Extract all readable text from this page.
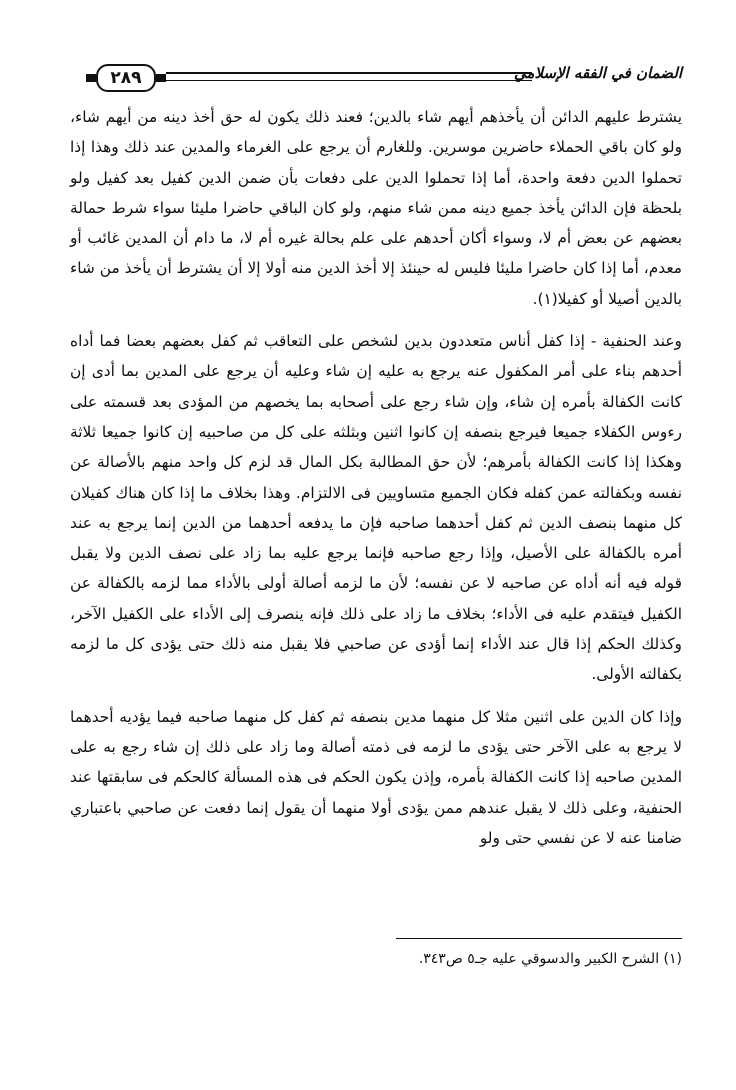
٢٨٩	الضمان في الفقه الإسلامي

يشترط عليهم الدائن أن يأخذهم أيهم شاء بالدين؛ فعند ذلك يكون له حق أخذ دينه من أيهم شاء، ولو كان باقي الحملاء حاضرين موسرين. وللغارم أن يرجع على الغرماء والمدين عند ذلك وهذا إذا تحملوا الدين دفعة واحدة، أما إذا تحملوا الدين على دفعات بأن ضمن الدين كفيل بعد كفيل ولو بلحظة فإن الدائن يأخذ جميع دينه ممن شاء منهم، ولو كان الباقي حاضرا مليئا سواء شرط حمالة بعضهم عن بعض أم لا، وسواء أكان أحدهم على علم بحالة غيره أم لا، ما دام أن المدين غائب أو معدم، أما إذا كان حاضرا مليئا فليس له حينئذ إلا أخذ الدين منه أولا إلا أن يشترط أن يأخذ من شاء بالدين أصيلا أو كفيلا(١).

وعند الحنفية - إذا كفل أناس متعددون بدين لشخص على التعاقب ثم كفل بعضهم بعضا فما أداه أحدهم بناء على أمر المكفول عنه يرجع به عليه إن شاء وعليه أن يرجع على المدين بما أدى إن كانت الكفالة بأمره إن شاء، وإن شاء رجع على أصحابه بما يخصهم من المؤدى بعد قسمته على رءوس الكفلاء جميعا فيرجع بنصفه إن كانوا اثنين وبثلثه على كل من صاحبيه إن كانوا جميعا ثلاثة وهكذا إذا كانت الكفالة بأمرهم؛ لأن حق المطالبة بكل المال قد لزم كل واحد منهم بالأصالة عن نفسه وبكفالته عمن كفله فكان الجميع متساويين فى الالتزام. وهذا بخلاف ما إذا كان هناك كفيلان كل منهما بنصف الدين ثم كفل أحدهما صاحبه فإن ما يدفعه أحدهما من الدين إنما يرجع به عند أمره بالكفالة على الأصيل، وإذا رجع صاحبه فإنما يرجع عليه بما زاد على نصف الدين ولا يقبل قوله فيه أنه أداه عن صاحبه لا عن نفسه؛ لأن ما لزمه أصالة أولى بالأداء مما لزمه بالكفالة عن الكفيل فيتقدم عليه فى الأداء؛ بخلاف ما زاد على ذلك فإنه ينصرف إلى الأداء على الكفيل الآخر، وكذلك الحكم إذا قال عند الأداء إنما أؤدى عن صاحبي فلا يقبل منه ذلك حتى يؤدى كل ما لزمه بكفالته الأولى.

وإذا كان الدين على اثنين مثلا كل منهما مدين بنصفه ثم كفل كل منهما صاحبه فيما يؤديه أحدهما لا يرجع به على الآخر حتى يؤدى ما لزمه فى ذمته أصالة وما زاد على ذلك إن شاء رجع به على المدين صاحبه إذا كانت الكفالة بأمره، وإذن يكون الحكم فى هذه المسألة كالحكم فى سابقتها عند الحنفية، وعلى ذلك لا يقبل عندهم ممن يؤدى أولا منهما أن يقول إنما دفعت عن صاحبي باعتباري ضامنا عنه لا عن نفسي حتى ولو

(١) الشرح الكبير والدسوقي عليه جـ٥ ص٣٤٣.
